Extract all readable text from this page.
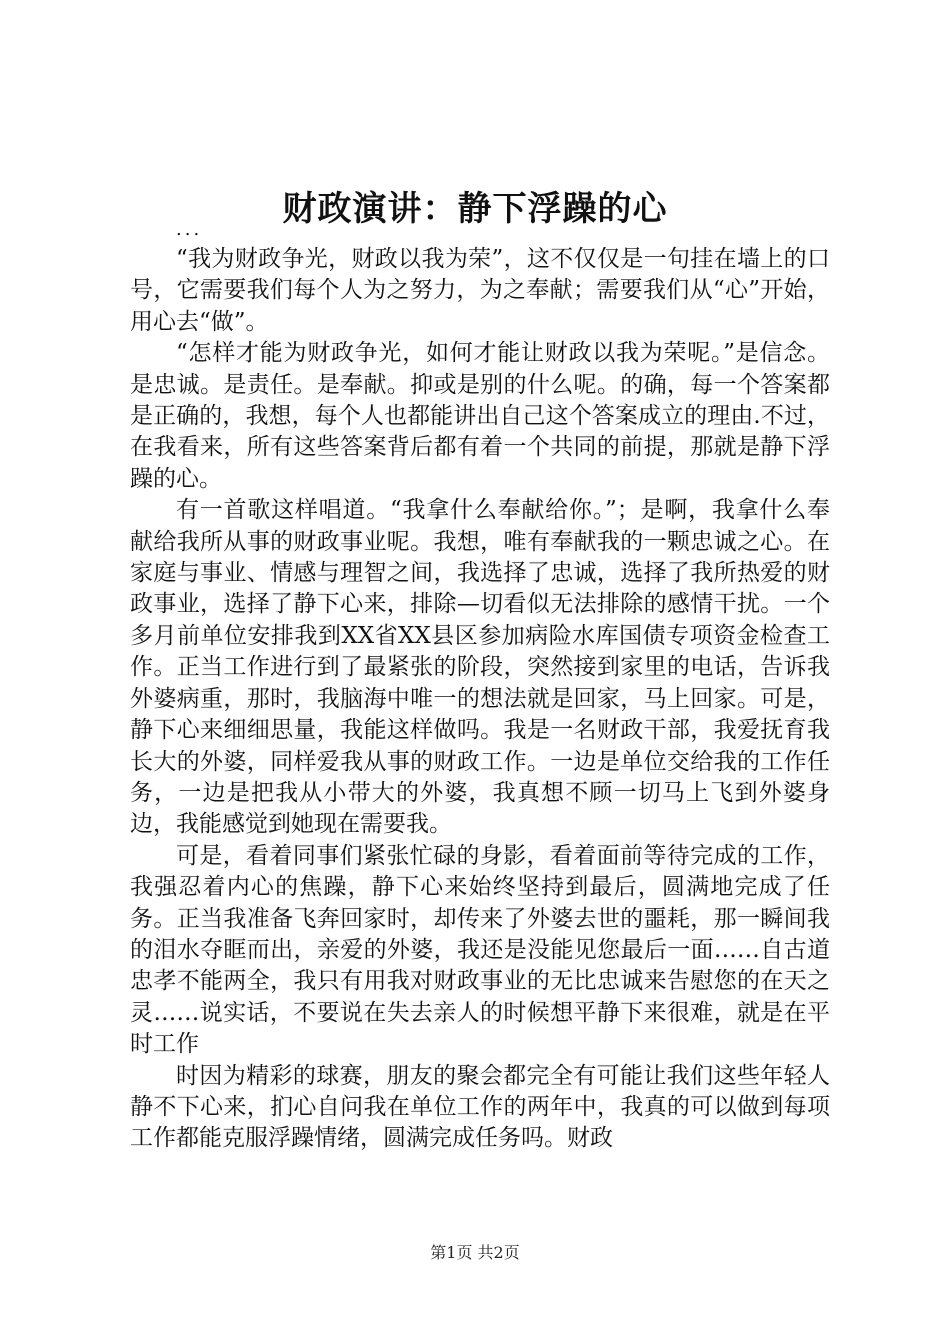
财政演讲：静下浮躁的心
...

“我为财政争光，财政以我为荣”，这不仅仅是一句挂在墙上的口号，它需要我们每个人为之努力，为之奉献；需要我们从“心”开始，用心去“做”。

“怎样才能为财政争光，如何才能让财政以我为荣呢。”是信念。是忠诚。是责任。是奉献。抑或是别的什么呢。的确，每一个答案都是正确的，我想，每个人也都能讲出自己这个答案成立的理由.不过，在我看来，所有这些答案背后都有着一个共同的前提，那就是静下浮躁的心。

有一首歌这样唱道。“我拿什么奉献给你。”；是啊，我拿什么奉献给我所从事的财政事业呢。我想，唯有奉献我的一颗忠诚之心。在家庭与事业、情感与理智之间，我选择了忠诚，选择了我所热爱的财政事业，选择了静下心来，排除—切看似无法排除的感情干扰。一个多月前单位安排我到XX省XX县区参加病险水库国债专项资金检查工作。正当工作进行到了最紧张的阶段，突然接到家里的电话，告诉我外婆病重，那时，我脑海中唯一的想法就是回家，马上回家。可是，静下心来细细思量，我能这样做吗。我是一名财政干部，我爱抚育我长大的外婆，同样爱我从事的财政工作。一边是单位交给我的工作任务，一边是把我从小带大的外婆，我真想不顾一切马上飞到外婆身边，我能感觉到她现在需要我。

可是，看着同事们紧张忙碌的身影，看着面前等待完成的工作，我强忍着内心的焦躁，静下心来始终坚持到最后，圆满地完成了任务。正当我准备飞奔回家时，却传来了外婆去世的噩耗，那一瞬间我的泪水夺眶而出，亲爱的外婆，我还是没能见您最后一面……自古道忠孝不能两全，我只有用我对财政事业的无比忠诚来告慰您的在天之灵……说实话，不要说在失去亲人的时候想平静下来很难，就是在平时工作

时因为精彩的球赛，朋友的聚会都完全有可能让我们这些年轻人静不下心来，扪心自问我在单位工作的两年中，我真的可以做到每项工作都能克服浮躁情绪，圆满完成任务吗。财政

第1页 共2页
